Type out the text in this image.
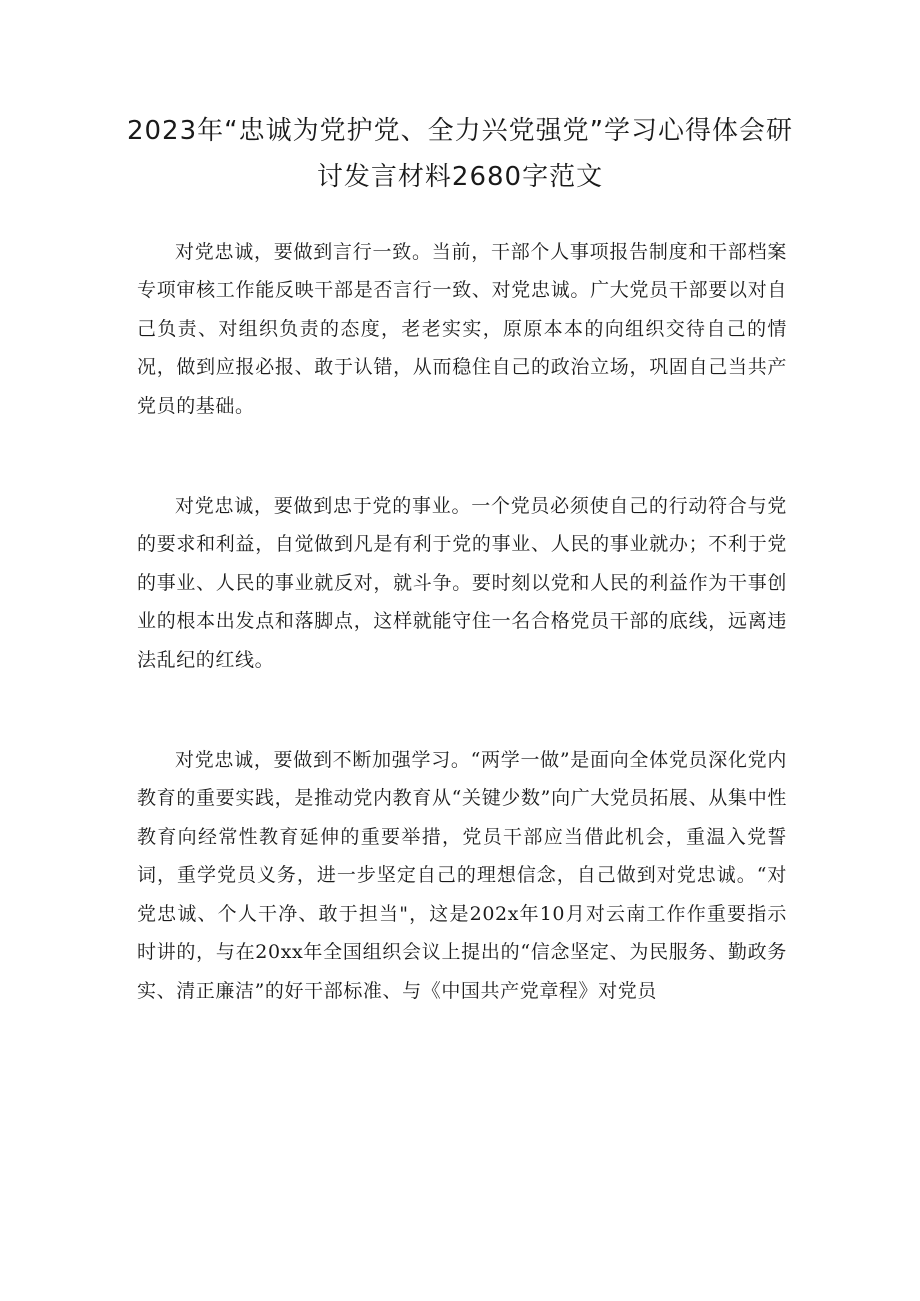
2023年“忠诚为党护党、全力兴党强党”学习心得体会研讨发言材料2680字范文

对党忠诚，要做到言行一致。当前，干部个人事项报告制度和干部档案专项审核工作能反映干部是否言行一致、对党忠诚。广大党员干部要以对自己负责、对组织负责的态度，老老实实，原原本本的向组织交待自己的情况，做到应报必报、敢于认错，从而稳住自己的政治立场，巩固自己当共产党员的基础。

对党忠诚，要做到忠于党的事业。一个党员必须使自己的行动符合与党的要求和利益，自觉做到凡是有利于党的事业、人民的事业就办；不利于党的事业、人民的事业就反对，就斗争。要时刻以党和人民的利益作为干事创业的根本出发点和落脚点，这样就能守住一名合格党员干部的底线，远离违法乱纪的红线。

对党忠诚，要做到不断加强学习。“两学一做”是面向全体党员深化党内教育的重要实践，是推动党内教育从“关键少数”向广大党员拓展、从集中性教育向经常性教育延伸的重要举措，党员干部应当借此机会，重温入党誓词，重学党员义务，进一步坚定自己的理想信念，自己做到对党忠诚。“对党忠诚、个人干净、敢于担当"，这是202x年10月对云南工作作重要指示时讲的，与在20xx年全国组织会议上提出的“信念坚定、为民服务、勤政务实、清正廉洁”的好干部标准、与《中国共产党章程》对党员
